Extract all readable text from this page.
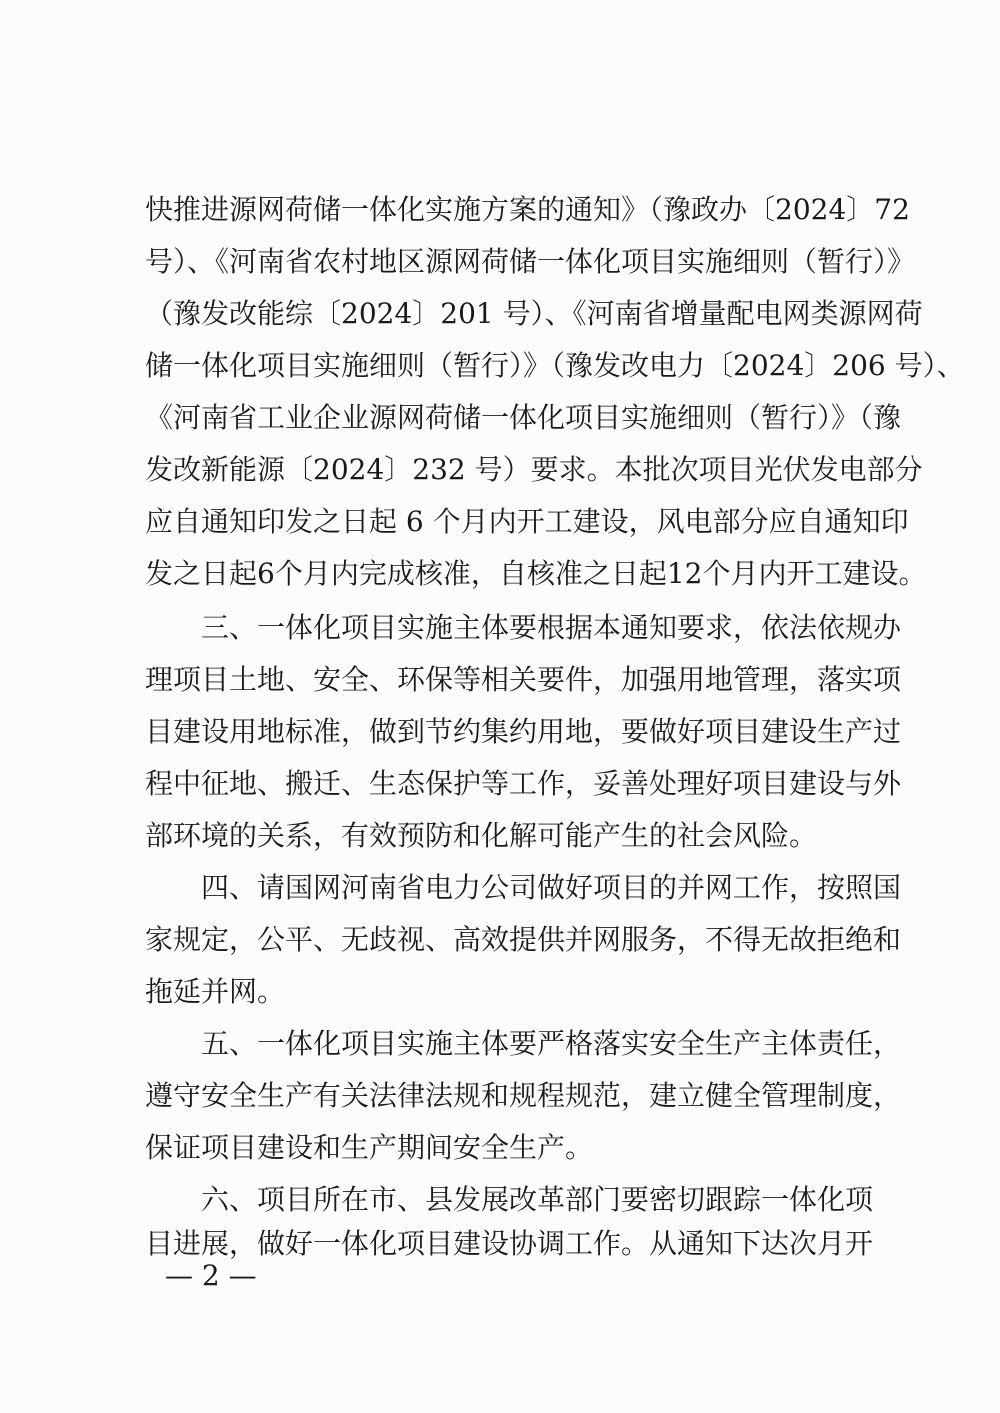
快推进源网荷储一体化实施方案的通知》（豫政办〔2024〕72
号）、《河南省农村地区源网荷储一体化项目实施细则（暂行）》
（豫发改能综〔2024〕201 号）、《河南省增量配电网类源网荷
储一体化项目实施细则（暂行）》（豫发改电力〔2024〕206 号）、
《河南省工业企业源网荷储一体化项目实施细则（暂行）》（豫
发改新能源〔2024〕232 号）要求。本批次项目光伏发电部分
应自通知印发之日起 6 个月内开工建设，风电部分应自通知印
发之日起6个月内完成核准，自核准之日起12个月内开工建设。
三、一体化项目实施主体要根据本通知要求，依法依规办
理项目土地、安全、环保等相关要件，加强用地管理，落实项
目建设用地标准，做到节约集约用地，要做好项目建设生产过
程中征地、搬迁、生态保护等工作，妥善处理好项目建设与外
部环境的关系，有效预防和化解可能产生的社会风险。
四、请国网河南省电力公司做好项目的并网工作，按照国
家规定，公平、无歧视、高效提供并网服务，不得无故拒绝和
拖延并网。
五、一体化项目实施主体要严格落实安全生产主体责任，
遵守安全生产有关法律法规和规程规范，建立健全管理制度，
保证项目建设和生产期间安全生产。
六、项目所在市、县发展改革部门要密切跟踪一体化项
目进展，做好一体化项目建设协调工作。从通知下达次月开
— 2 —
